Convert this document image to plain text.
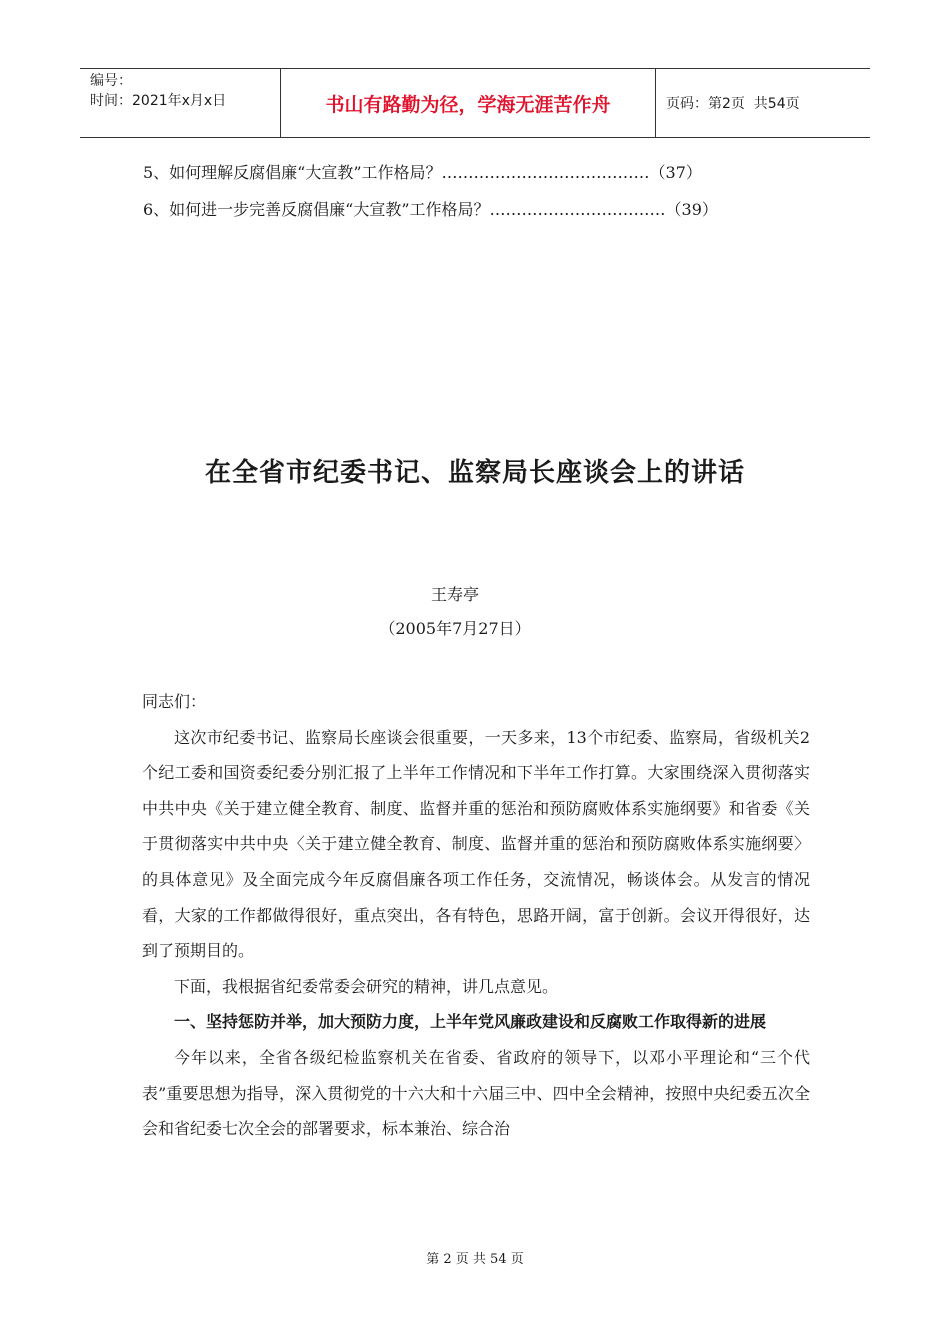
编号：
时间：2021年x月x日	书山有路勤为径，学海无涯苦作舟	页码：第2页  共54页
5、如何理解反腐倡廉“大宣教”工作格局？…………………………………（37）
6、如何进一步完善反腐倡廉“大宣教”工作格局？……………………………（39）
在全省市纪委书记、监察局长座谈会上的讲话
王寿亭
（2005年7月27日）

同志们：

这次市纪委书记、监察局长座谈会很重要，一天多来，13个市纪委、监察局，省级机关2个纪工委和国资委纪委分别汇报了上半年工作情况和下半年工作打算。大家围绕深入贯彻落实中共中央《关于建立健全教育、制度、监督并重的惩治和预防腐败体系实施纲要》和省委《关于贯彻落实中共中央〈关于建立健全教育、制度、监督并重的惩治和预防腐败体系实施纲要〉的具体意见》及全面完成今年反腐倡廉各项工作任务，交流情况，畅谈体会。从发言的情况看，大家的工作都做得很好，重点突出，各有特色，思路开阔，富于创新。会议开得很好，达到了预期目的。

下面，我根据省纪委常委会研究的精神，讲几点意见。

一、坚持惩防并举，加大预防力度，上半年党风廉政建设和反腐败工作取得新的进展

今年以来，全省各级纪检监察机关在省委、省政府的领导下，以邓小平理论和“三个代表”重要思想为指导，深入贯彻党的十六大和十六届三中、四中全会精神，按照中央纪委五次全会和省纪委七次全会的部署要求，标本兼治、综合治

第 2 页 共 54 页
